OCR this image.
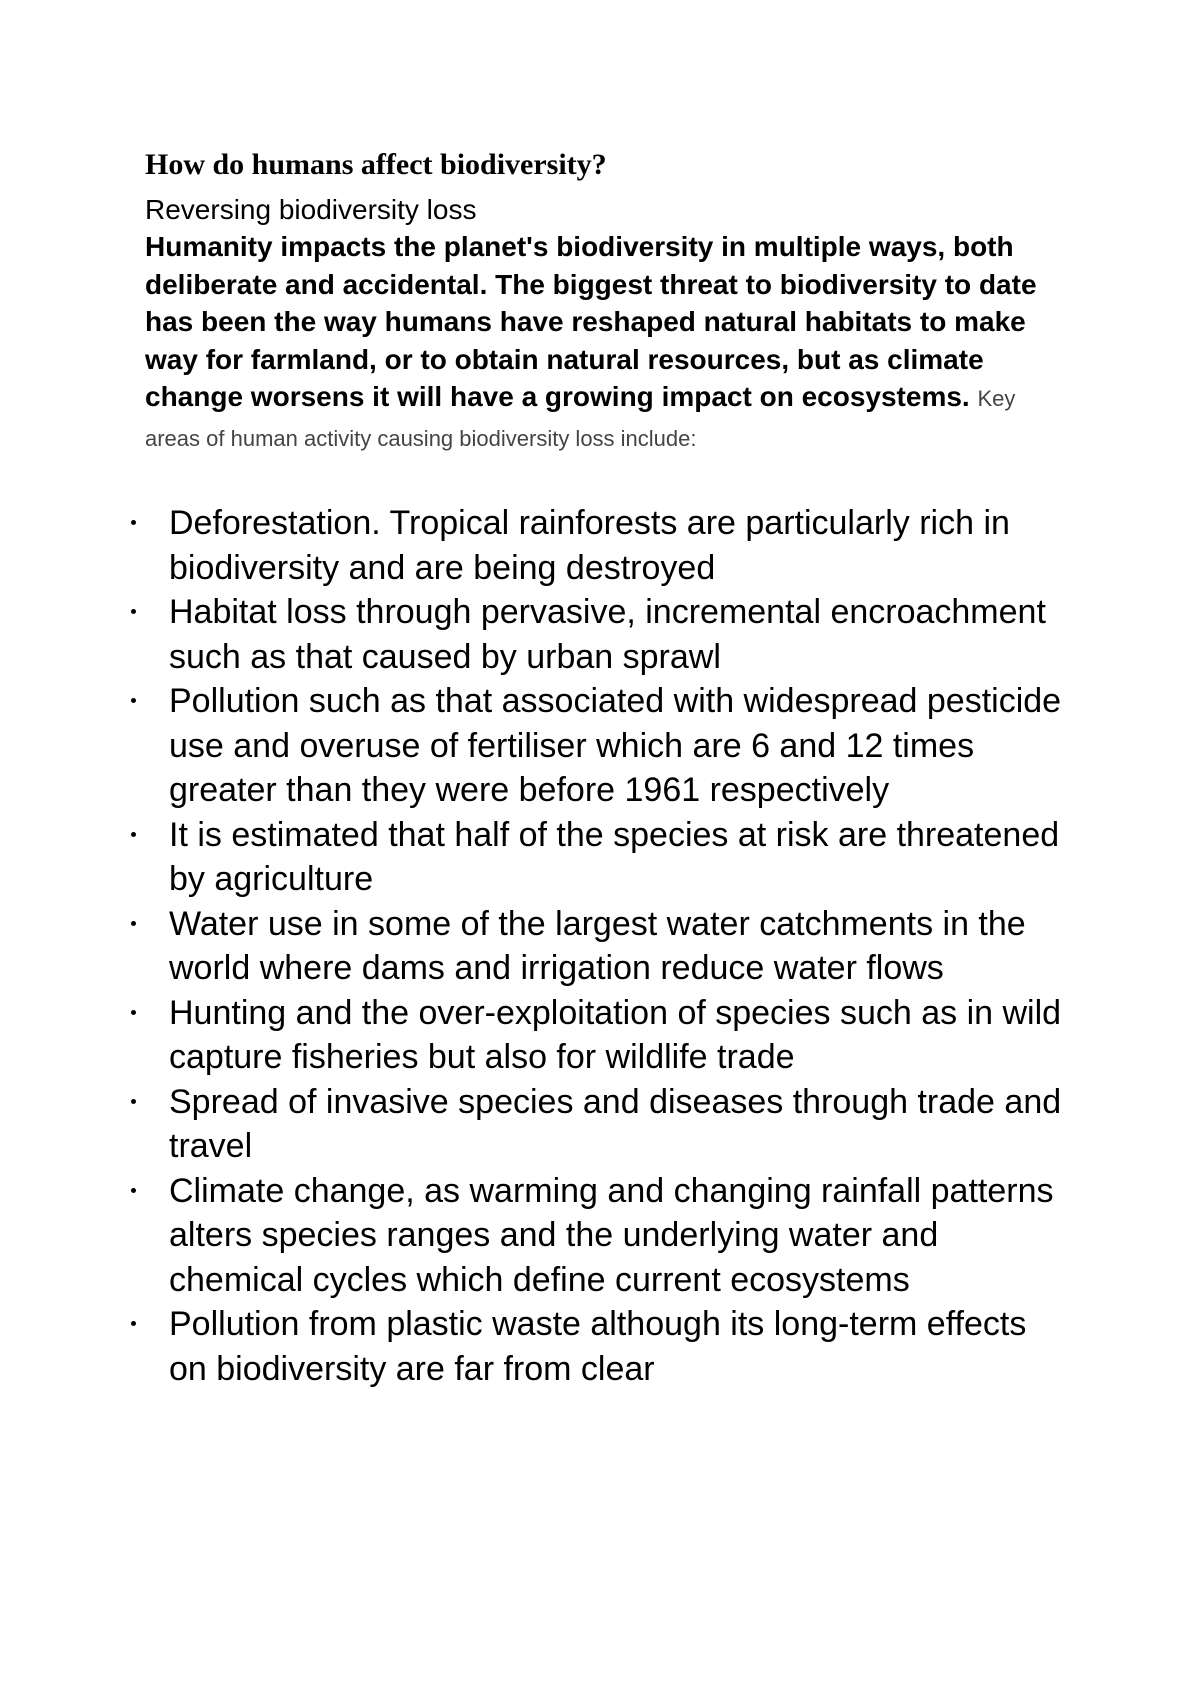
How do humans affect biodiversity?

Reversing biodiversity loss

Humanity impacts the planet's biodiversity in multiple ways, both deliberate and accidental. The biggest threat to biodiversity to date has been the way humans have reshaped natural habitats to make way for farmland, or to obtain natural resources, but as climate change worsens it will have a growing impact on ecosystems. Key areas of human activity causing biodiversity loss include:

Deforestation. Tropical rainforests are particularly rich in biodiversity and are being destroyed
Habitat loss through pervasive, incremental encroachment such as that caused by urban sprawl
Pollution such as that associated with widespread pesticide use and overuse of fertiliser which are 6 and 12 times greater than they were before 1961 respectively
It is estimated that half of the species at risk are threatened by agriculture
Water use in some of the largest water catchments in the world where dams and irrigation reduce water flows
Hunting and the over-exploitation of species such as in wild capture fisheries but also for wildlife trade
Spread of invasive species and diseases through trade and travel
Climate change, as warming and changing rainfall patterns alters species ranges and the underlying water and chemical cycles which define current ecosystems
Pollution from plastic waste although its long-term effects on biodiversity are far from clear
